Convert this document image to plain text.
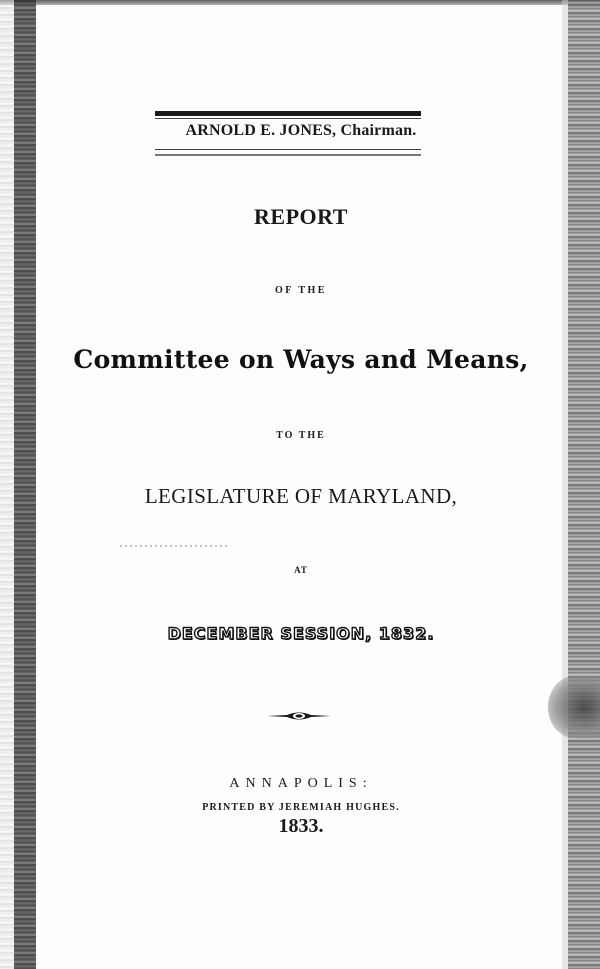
ARNOLD E. JONES, Chairman.
REPORT
OF THE
Committee on Ways and Means,
TO THE
LEGISLATURE OF MARYLAND,
AT
DECEMBER SESSION, 1832.
ANNAPOLIS:
PRINTED BY JEREMIAH HUGHES.
1833.
